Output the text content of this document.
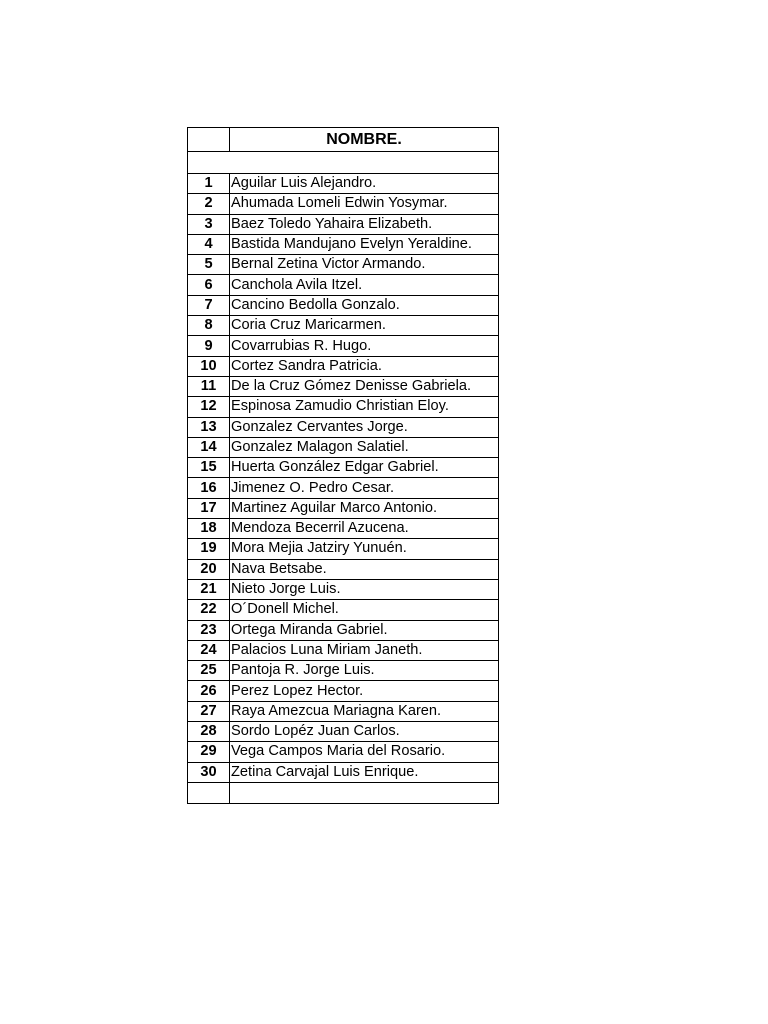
	NOMBRE.

1	Aguilar Luis Alejandro.
2	Ahumada Lomeli Edwin Yosymar.
3	Baez Toledo Yahaira Elizabeth.
4	Bastida Mandujano Evelyn Yeraldine.
5	Bernal Zetina Victor Armando.
6	Canchola Avila Itzel.
7	Cancino Bedolla Gonzalo.
8	Coria Cruz Maricarmen.
9	Covarrubias R. Hugo.
10	Cortez Sandra Patricia.
11	De la Cruz Gómez Denisse Gabriela.
12	Espinosa Zamudio Christian Eloy.
13	Gonzalez Cervantes Jorge.
14	Gonzalez Malagon Salatiel.
15	Huerta González Edgar Gabriel.
16	Jimenez O. Pedro Cesar.
17	Martinez Aguilar Marco Antonio.
18	Mendoza Becerril Azucena.
19	Mora Mejia Jatziry Yunuén.
20	Nava Betsabe.
21	Nieto Jorge Luis.
22	O´Donell Michel.
23	Ortega Miranda Gabriel.
24	Palacios Luna Miriam Janeth.
25	Pantoja R. Jorge Luis.
26	Perez Lopez Hector.
27	Raya Amezcua Mariagna Karen.
28	Sordo Lopéz Juan Carlos.
29	Vega Campos Maria del Rosario.
30	Zetina Carvajal Luis Enrique.
